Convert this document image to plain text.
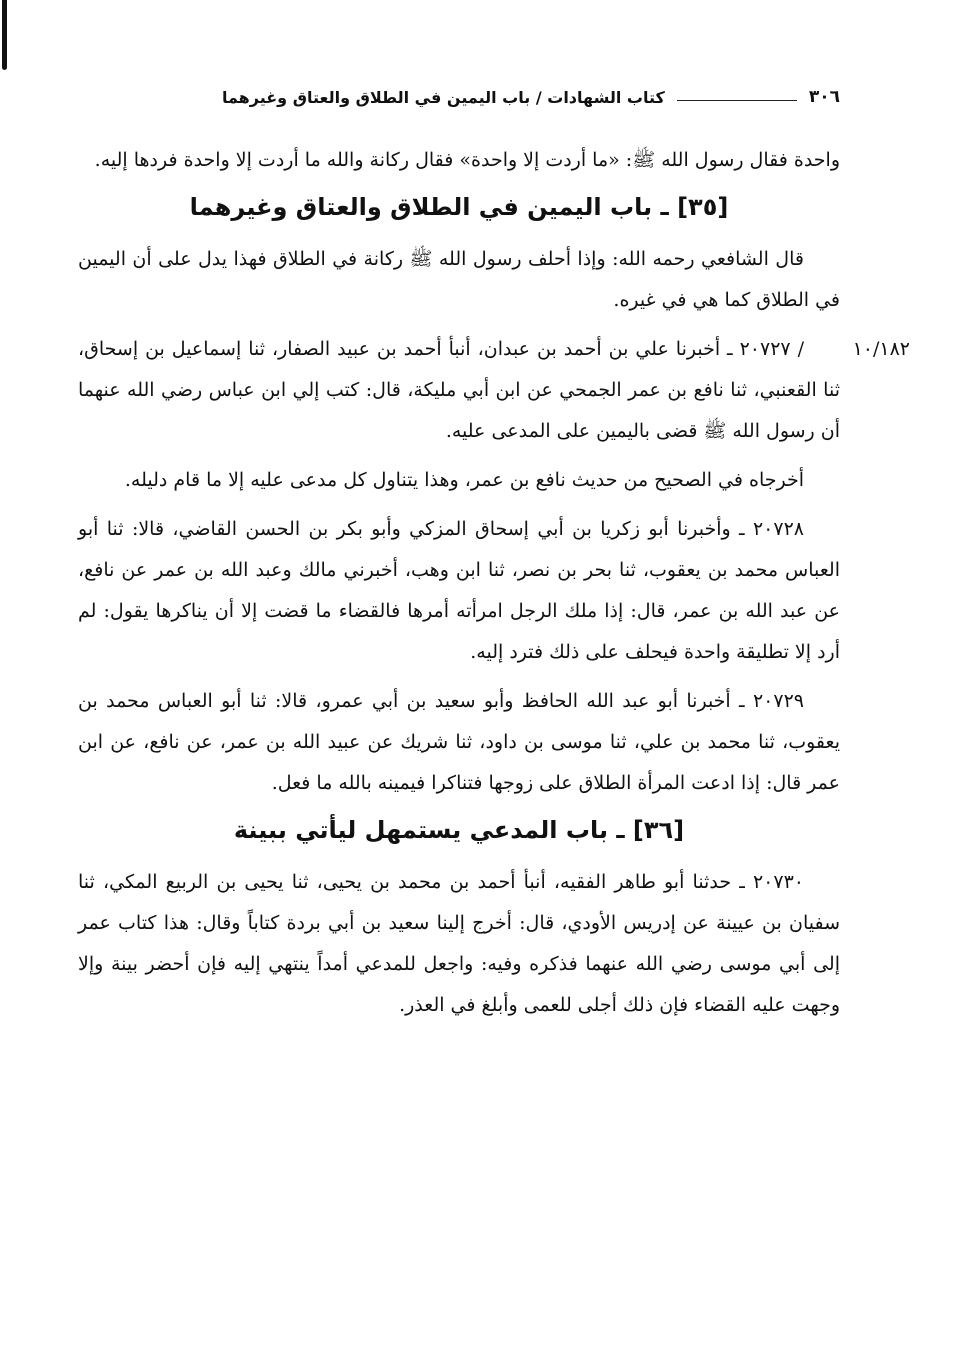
٣٠٦
كتاب الشهادات / باب اليمين في الطلاق والعتاق وغيرهما

واحدة فقال رسول الله ﷺ: «ما أردت إلا واحدة» فقال ركانة والله ما أردت إلا واحدة فردها إليه.

[٣٥] ـ باب اليمين في الطلاق والعتاق وغيرهما

قال الشافعي رحمه الله: وإذا أحلف رسول الله ﷺ ركانة في الطلاق فهذا يدل على أن اليمين في الطلاق كما هي في غيره.

١٠/١٨٢

/ ٢٠٧٢٧ ـ أخبرنا علي بن أحمد بن عبدان، أنبأ أحمد بن عبيد الصفار، ثنا إسماعيل بن إسحاق، ثنا القعنبي، ثنا نافع بن عمر الجمحي عن ابن أبي مليكة، قال: كتب إلي ابن عباس رضي الله عنهما أن رسول الله ﷺ قضى باليمين على المدعى عليه.

أخرجاه في الصحيح من حديث نافع بن عمر، وهذا يتناول كل مدعى عليه إلا ما قام دليله.

٢٠٧٢٨ ـ وأخبرنا أبو زكريا بن أبي إسحاق المزكي وأبو بكر بن الحسن القاضي، قالا: ثنا أبو العباس محمد بن يعقوب، ثنا بحر بن نصر، ثنا ابن وهب، أخبرني مالك وعبد الله بن عمر عن نافع، عن عبد الله بن عمر، قال: إذا ملك الرجل امرأته أمرها فالقضاء ما قضت إلا أن يناكرها يقول: لم أرد إلا تطليقة واحدة فيحلف على ذلك فترد إليه.

٢٠٧٢٩ ـ أخبرنا أبو عبد الله الحافظ وأبو سعيد بن أبي عمرو، قالا: ثنا أبو العباس محمد بن يعقوب، ثنا محمد بن علي، ثنا موسى بن داود، ثنا شريك عن عبيد الله بن عمر، عن نافع، عن ابن عمر قال: إذا ادعت المرأة الطلاق على زوجها فتناكرا فيمينه بالله ما فعل.

[٣٦] ـ باب المدعي يستمهل ليأتي ببينة

٢٠٧٣٠ ـ حدثنا أبو طاهر الفقيه، أنبأ أحمد بن محمد بن يحيى، ثنا يحيى بن الربيع المكي، ثنا سفيان بن عيينة عن إدريس الأودي، قال: أخرج إلينا سعيد بن أبي بردة كتاباً وقال: هذا كتاب عمر إلى أبي موسى رضي الله عنهما فذكره وفيه: واجعل للمدعي أمداً ينتهي إليه فإن أحضر بينة وإلا وجهت عليه القضاء فإن ذلك أجلى للعمى وأبلغ في العذر.
